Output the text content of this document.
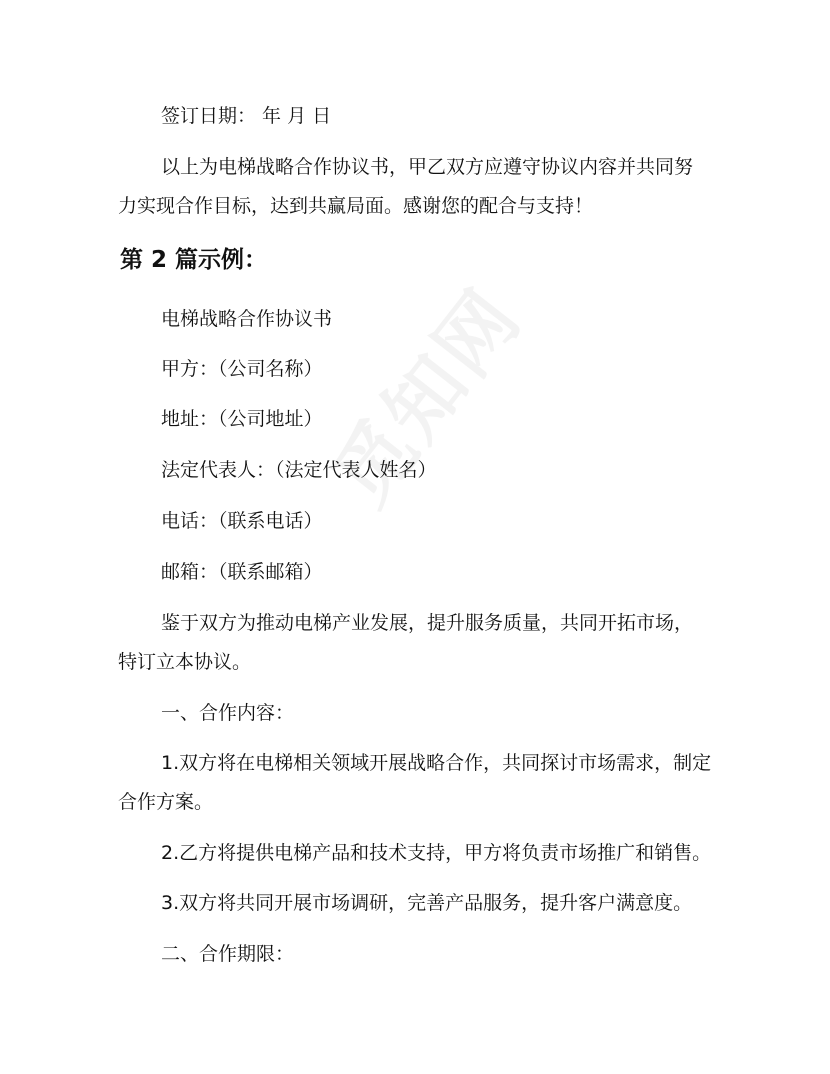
签订日期： 年 月 日
以上为电梯战略合作协议书，甲乙双方应遵守协议内容并共同努
力实现合作目标，达到共赢局面。感谢您的配合与支持！
第 2 篇示例：
电梯战略合作协议书
甲方：（公司名称）
地址：（公司地址）
法定代表人：（法定代表人姓名）
电话：（联系电话）
邮箱：（联系邮箱）
鉴于双方为推动电梯产业发展，提升服务质量，共同开拓市场，
特订立本协议。
一、合作内容：
1.双方将在电梯相关领域开展战略合作，共同探讨市场需求，制定
合作方案。
2.乙方将提供电梯产品和技术支持，甲方将负责市场推广和销售。
3.双方将共同开展市场调研，完善产品服务，提升客户满意度。
二、合作期限：
